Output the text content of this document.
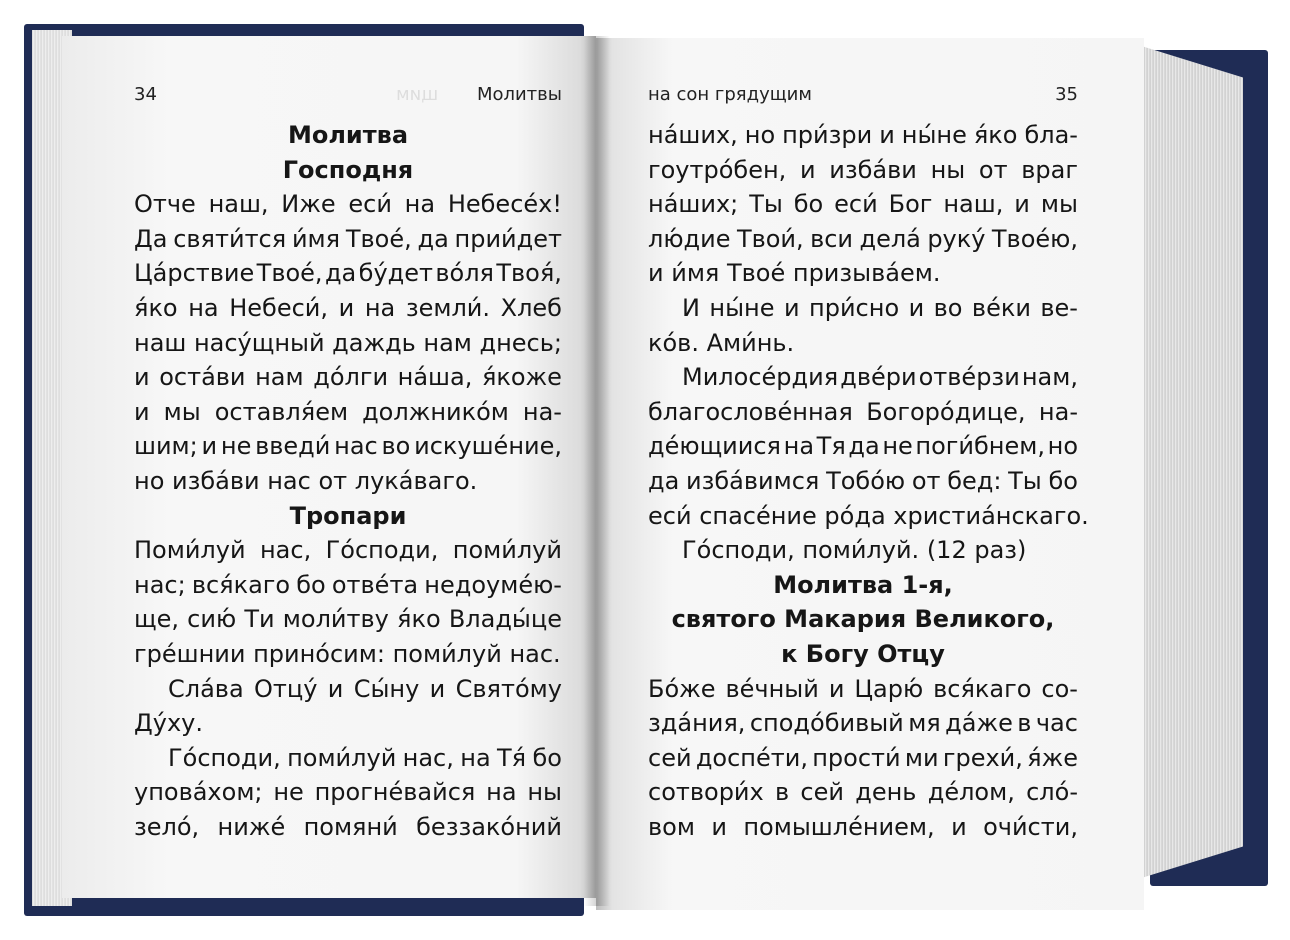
34	щим Молитвы
Молитва
Господня
Отче наш, Иже еси́ на Небесе́х!
Да святи́тся и́мя Твое́, да прии́дет
Ца́рствие Твое́, да бу́дет во́ля Твоя́,
я́ко на Небеси́, и на земли́. Хлеб
наш насу́щный даждь нам днесь;
и оста́ви нам до́лги на́ша, я́коже
и мы оставля́ем должнико́м на-
шим; и не введи́ нас во искуше́ние,
но изба́ви нас от лука́ваго.
Тропари
Поми́луй нас, Го́споди, поми́луй
нас; вся́каго бо отве́та недоуме́ю-
ще, сию́ Ти моли́тву я́ко Влады́це
гре́шнии прино́сим: поми́луй нас.
Сла́ва Отцу́ и Сы́ну и Свято́му
Ду́ху.
Го́споди, поми́луй нас, на Тя́ бо
упова́хом; не прогне́вайся на ны
зело́, ниже́ помяни́ беззако́ний
на сон грядущим	35
на́ших, но при́зри и ны́не я́ко бла-
гоутро́бен, и изба́ви ны от враг
на́ших; Ты бо еси́ Бог наш, и мы
лю́дие Твои́, вси дела́ руку́ Твое́ю,
и и́мя Твое́ призыва́ем.
И ны́не и при́сно и во ве́ки ве-
ко́в. Ами́нь.
Милосе́рдия две́ри отве́рзи нам,
благослове́нная Богоро́дице, на-
де́ющиися на Тя да не поги́бнем, но
да изба́вимся Тобо́ю от бед: Ты бо
еси́ спасе́ние ро́да христиа́нскаго.
Го́споди, поми́луй. (12 раз)
Молитва 1-я,
святого Макария Великого,
к Богу Отцу
Бо́же ве́чный и Царю́ вся́каго со-
зда́ния, сподо́бивый мя да́же в час
сей доспе́ти, прости́ ми грехи́, я́же
сотвори́х в сей день де́лом, сло́-
вом и помышле́нием, и очи́сти,
